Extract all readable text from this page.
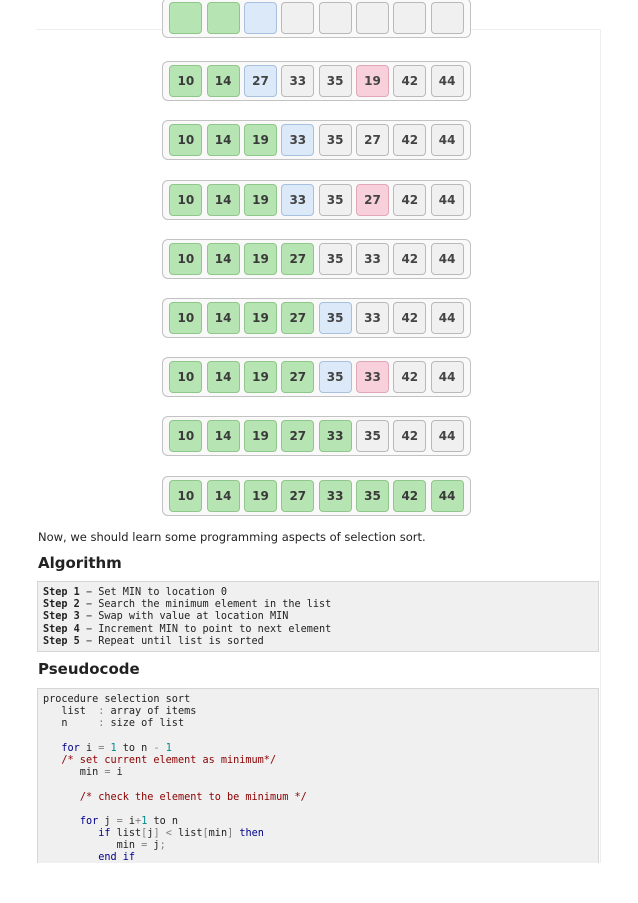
10	14	27	33	35	19	42	44
10	14	19	33	35	27	42	44
10	14	19	33	35	27	42	44
10	14	19	27	35	33	42	44
10	14	19	27	35	33	42	44
10	14	19	27	35	33	42	44
10	14	19	27	33	35	42	44
10	14	19	27	33	35	42	44
Now, we should learn some programming aspects of selection sort.
Algorithm
Step 1 − Set MIN to location 0
Step 2 − Search the minimum element in the list
Step 3 − Swap with value at location MIN
Step 4 − Increment MIN to point to next element
Step 5 − Repeat until list is sorted
Pseudocode
procedure selection sort
list  : array of items
n     : size of list
for i = 1 to n - 1
/* set current element as minimum*/
min = i
/* check the element to be minimum */
for j = i+1 to n
if list[j] < list[min] then
min = j;
end if
